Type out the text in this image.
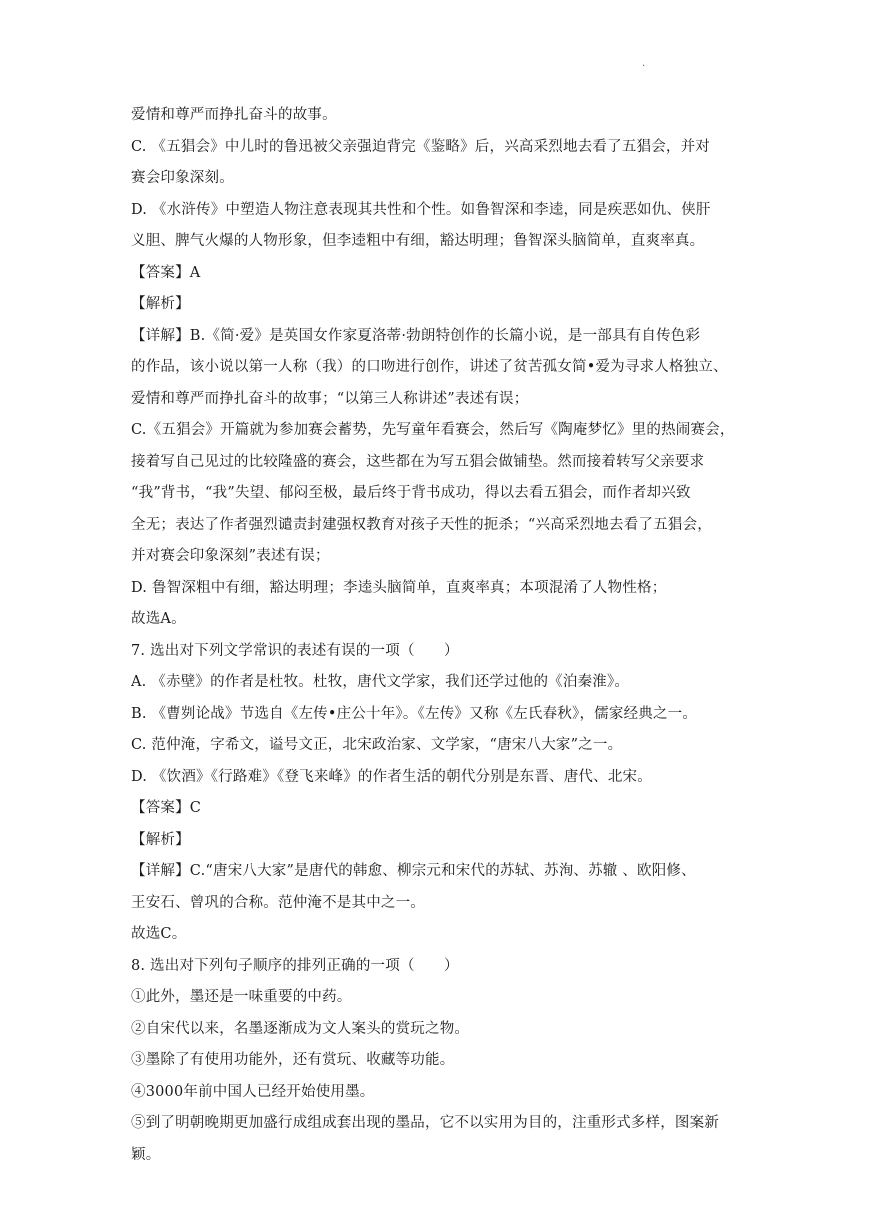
.
爱情和尊严而挣扎奋斗的故事。
C. 《五猖会》中儿时的鲁迅被父亲强迫背完《鉴略》后，兴高采烈地去看了五猖会，并对
赛会印象深刻。
D. 《水浒传》中塑造人物注意表现其共性和个性。如鲁智深和李逵，同是疾恶如仇、侠肝
义胆、脾气火爆的人物形象，但李逵粗中有细，豁达明理；鲁智深头脑简单，直爽率真。
【答案】A
【解析】
【详解】B.《简·爱》是英国女作家夏洛蒂·勃朗特创作的长篇小说，是一部具有自传色彩
的作品，该小说以第一人称（我）的口吻进行创作，讲述了贫苦孤女简•爱为寻求人格独立、
爱情和尊严而挣扎奋斗的故事；“以第三人称讲述”表述有误；
C.《五猖会》开篇就为参加赛会蓄势，先写童年看赛会，然后写《陶庵梦忆》里的热闹赛会，
接着写自己见过的比较隆盛的赛会，这些都在为写五猖会做铺垫。然而接着转写父亲要求
“我”背书，“我”失望、郁闷至极，最后终于背书成功，得以去看五猖会，而作者却兴致
全无；表达了作者强烈谴责封建强权教育对孩子天性的扼杀；“兴高采烈地去看了五猖会，
并对赛会印象深刻”表述有误；
D. 鲁智深粗中有细，豁达明理；李逵头脑简单，直爽率真；本项混淆了人物性格；
故选A。
7. 选出对下列文学常识的表述有误的一项（　　）
A. 《赤壁》的作者是杜牧。杜牧，唐代文学家，我们还学过他的《泊秦淮》。
B. 《曹刿论战》节选自《左传•庄公十年》。《左传》又称《左氏春秋》，儒家经典之一。
C. 范仲淹，字希文，谥号文正，北宋政治家、文学家，“唐宋八大家”之一。
D. 《饮酒》《行路难》《登飞来峰》的作者生活的朝代分别是东晋、唐代、北宋。
【答案】C
【解析】
【详解】C.“唐宋八大家”是唐代的韩愈、柳宗元和宋代的苏轼、苏洵、苏辙 、欧阳修、
王安石、曾巩的合称。范仲淹不是其中之一。
故选C。
8. 选出对下列句子顺序的排列正确的一项（　　）
①此外，墨还是一味重要的中药。
②自宋代以来，名墨逐渐成为文人案头的赏玩之物。
③墨除了有使用功能外，还有赏玩、收藏等功能。
④3000年前中国人已经开始使用墨。
⑤到了明朝晚期更加盛行成组成套出现的墨品，它不以实用为目的，注重形式多样，图案新
颖。
